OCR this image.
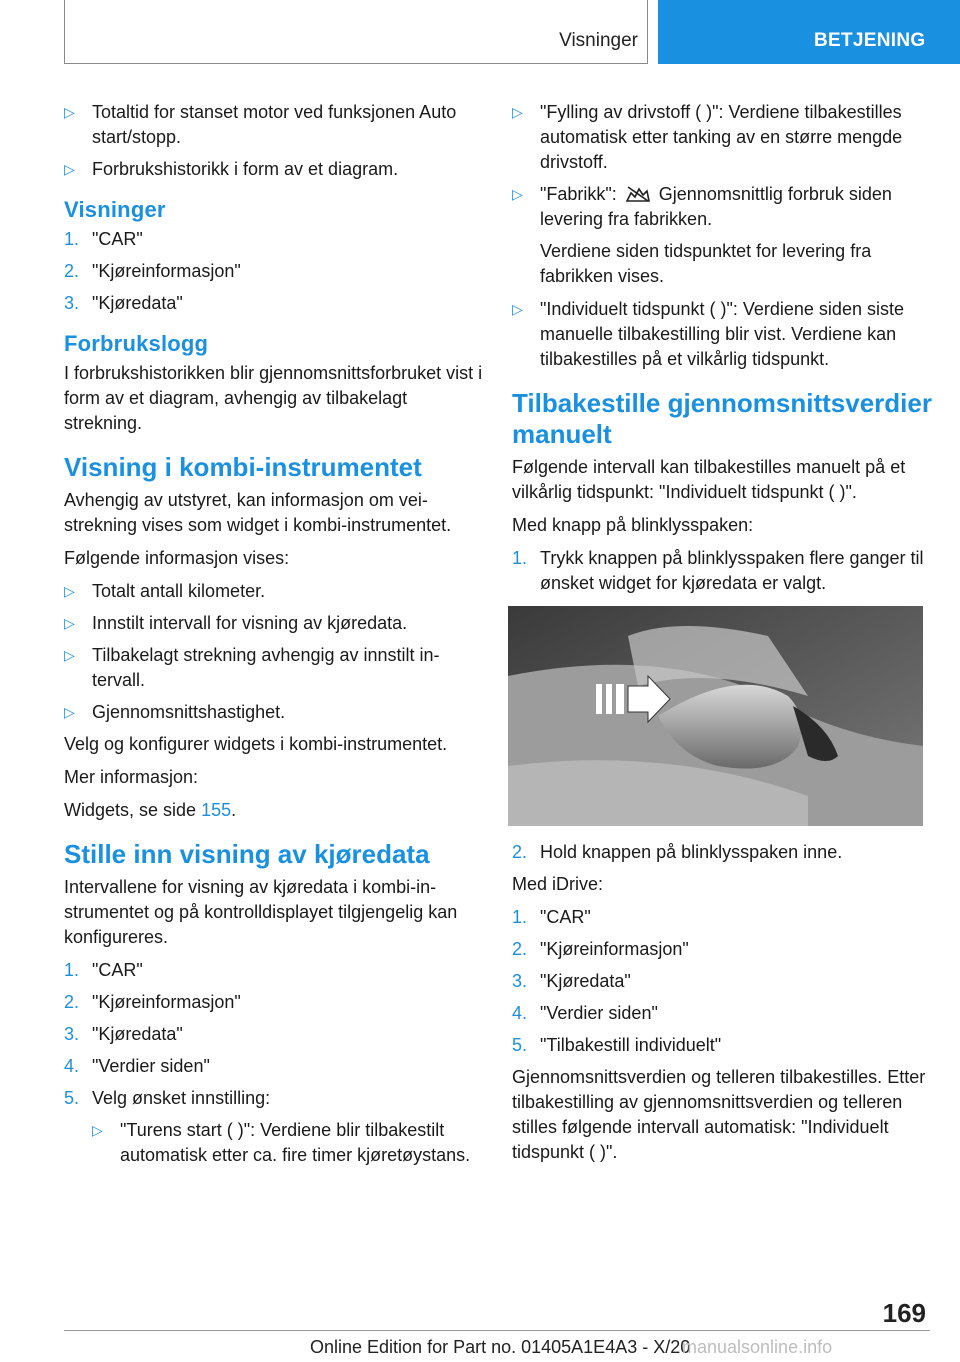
Visninger	BETJENING
▷ Totaltid for stanset motor ved funksjonen Auto start/stopp.
▷ Forbrukshistorikk i form av et diagram.
Visninger
1. "CAR"
2. "Kjøreinformasjon"
3. "Kjøredata"
Forbrukslogg

I forbrukshistorikken blir gjennomsnittsforbruket vist i form av et diagram, avhengig av tilbakelagt strekning.

Visning i kombi-instrumentet

Avhengig av utstyret, kan informasjon om veistrekning vises som widget i kombi-instrumentet.

Følgende informasjon vises:

▷ Totalt antall kilometer.
▷ Innstilt intervall for visning av kjøredata.
▷ Tilbakelagt strekning avhengig av innstilt intervall.
▷ Gjennomsnittshastighet.

Velg og konfigurer widgets i kombi-instrumentet.

Mer informasjon:

Widgets, se side 155.

Stille inn visning av kjøredata

Intervallene for visning av kjøredata i kombi-instrumentet og på kontrolldisplayet tilgjengelig kan konfigureres.

1. "CAR"
2. "Kjøreinformasjon"
3. "Kjøredata"
4. "Verdier siden"
5. Velg ønsket innstilling:
▷ "Turens start ( )": Verdiene blir tilbakestilt automatisk etter ca. fire timer kjøretøystans.
▷ "Fylling av drivstoff ( )": Verdiene tilbakestilles automatisk etter tanking av en større mengde drivstoff.
▷ "Fabrikk": Gjennomsnittlig forbruk siden levering fra fabrikken.

Verdiene siden tidspunktet for levering fra fabrikken vises.

▷ "Individuelt tidspunkt ( )": Verdiene siden siste manuelle tilbakestilling blir vist. Verdiene kan tilbakestilles på et vilkårlig tidspunkt.
Tilbakestille gjennomsnittsverdier manuelt

Følgende intervall kan tilbakestilles manuelt på et vilkårlig tidspunkt: "Individuelt tidspunkt ( )".

Med knapp på blinklysspaken:

1. Trykk knappen på blinklysspaken flere ganger til ønsket widget for kjøredata er valgt.
2. Hold knappen på blinklysspaken inne.

Med iDrive:

1. "CAR"
2. "Kjøreinformasjon"
3. "Kjøredata"
4. "Verdier siden"
5. "Tilbakestill individuelt"

Gjennomsnittsverdien og telleren tilbakestilles. Etter tilbakestilling av gjennomsnittsverdien og telleren stilles følgende intervall automatisk: "Individuelt tidspunkt ( )".

169
Online Edition for Part no. 01405A1E4A3 - X/20
manualsonline.info
